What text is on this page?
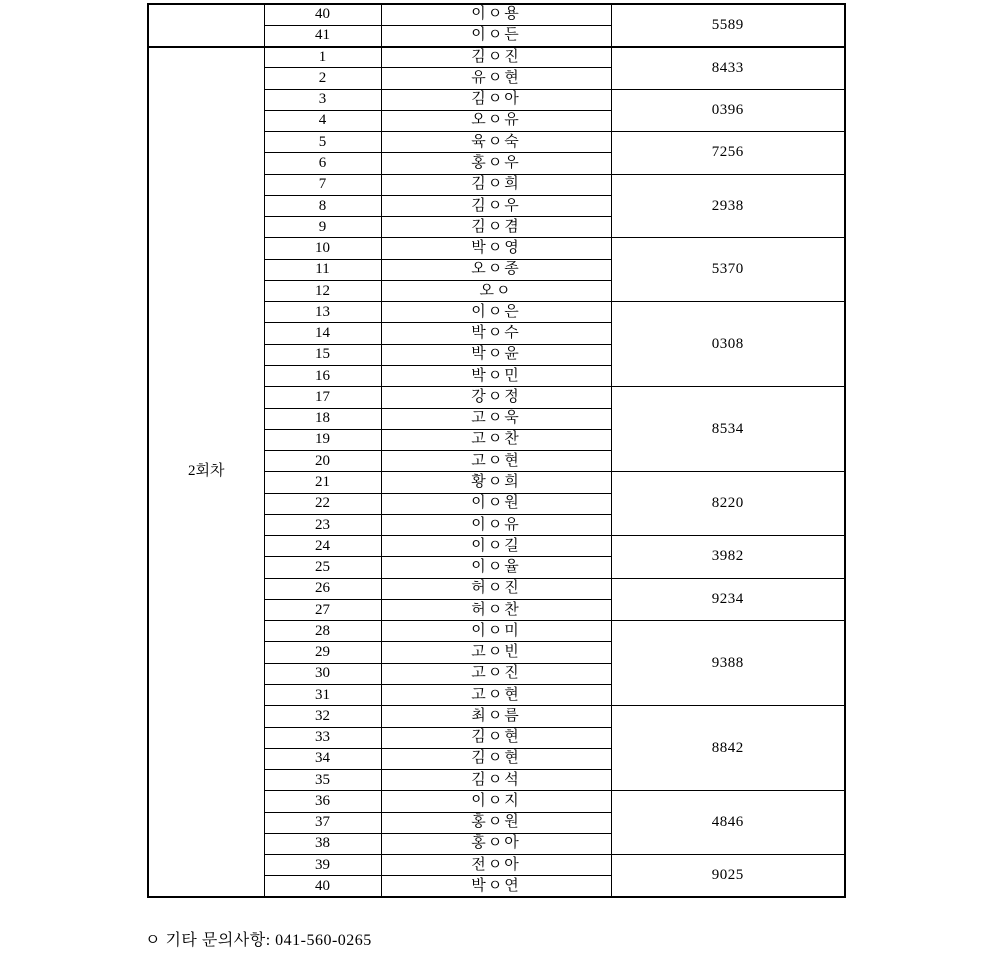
	40	이ㅇ용	5589
	41	이ㅇ든	
2회차	1	김ㅇ진	8433
	2	유ㅇ현	
	3	김ㅇ아	0396
	4	오ㅇ유	
	5	육ㅇ숙	7256
	6	홍ㅇ우	
	7	김ㅇ희	2938
	8	김ㅇ우	
	9	김ㅇ겸	
	10	박ㅇ영	5370
	11	오ㅇ종	
	12	오ㅇ	
	13	이ㅇ은	0308
	14	박ㅇ수	
	15	박ㅇ윤	
	16	박ㅇ민	
	17	강ㅇ정	8534
	18	고ㅇ욱	
	19	고ㅇ찬	
	20	고ㅇ현	
	21	황ㅇ희	8220
	22	이ㅇ원	
	23	이ㅇ유	
	24	이ㅇ길	3982
	25	이ㅇ율	
	26	허ㅇ진	9234
	27	허ㅇ찬	
	28	이ㅇ미	9388
	29	고ㅇ빈	
	30	고ㅇ진	
	31	고ㅇ현	
	32	최ㅇ름	8842
	33	김ㅇ현	
	34	김ㅇ현	
	35	김ㅇ석	
	36	이ㅇ지	4846
	37	홍ㅇ원	
	38	홍ㅇ아	
	39	전ㅇ아	9025
	40	박ㅇ연	
ㅇ 기타 문의사항: 041-560-0265
